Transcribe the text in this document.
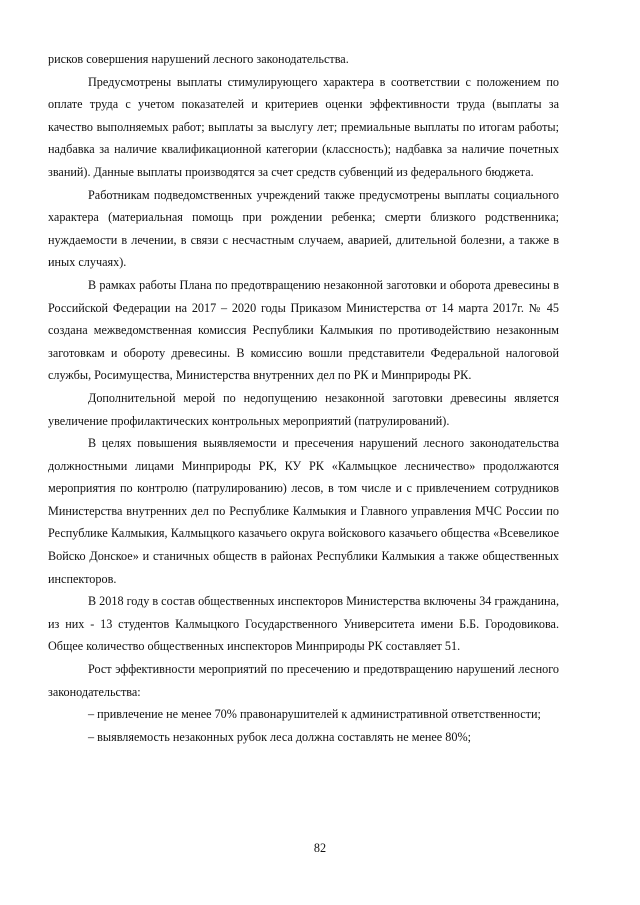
рисков совершения нарушений лесного законодательства.

Предусмотрены выплаты стимулирующего характера в соответствии с положением по оплате труда с учетом показателей и критериев оценки эффективности труда (выплаты за качество выполняемых работ; выплаты за выслугу лет; премиальные выплаты по итогам работы; надбавка за наличие квалификационной категории (классность); надбавка за наличие почетных званий). Данные выплаты производятся за счет средств субвенций из федерального бюджета.

Работникам подведомственных учреждений также предусмотрены выплаты социального характера (материальная помощь при рождении ребенка; смерти близкого родственника; нуждаемости в лечении, в связи с несчастным случаем, аварией, длительной болезни, а также в иных случаях).

В рамках работы Плана по предотвращению незаконной заготовки и оборота древесины в Российской Федерации на 2017 – 2020 годы Приказом Министерства от 14 марта 2017г. № 45 создана межведомственная комиссия Республики Калмыкия по противодействию незаконным заготовкам и обороту древесины. В комиссию вошли представители Федеральной налоговой службы, Росимущества, Министерства внутренних дел по РК и Минприроды РК.

Дополнительной мерой по недопущению незаконной заготовки древесины является увеличение профилактических контрольных мероприятий (патрулирований).

В целях повышения выявляемости и пресечения нарушений лесного законодательства должностными лицами Минприроды РК, КУ РК «Калмыцкое лесничество» продолжаются мероприятия по контролю (патрулированию) лесов, в том числе и с привлечением сотрудников Министерства внутренних дел по Республике Калмыкия и Главного управления МЧС России по Республике Калмыкия, Калмыцкого казачьего округа войскового казачьего общества «Всевеликое Войско Донское» и станичных обществ в районах Республики Калмыкия а также общественных инспекторов.

В 2018 году в состав общественных инспекторов Министерства включены 34 гражданина, из них - 13 студентов Калмыцкого Государственного Университета имени Б.Б. Городовикова. Общее количество общественных инспекторов Минприроды РК составляет 51.

Рост эффективности мероприятий по пресечению и предотвращению нарушений лесного законодательства:

– привлечение не менее 70% правонарушителей к административной ответственности;

– выявляемость незаконных рубок леса должна составлять не менее 80%;

82
